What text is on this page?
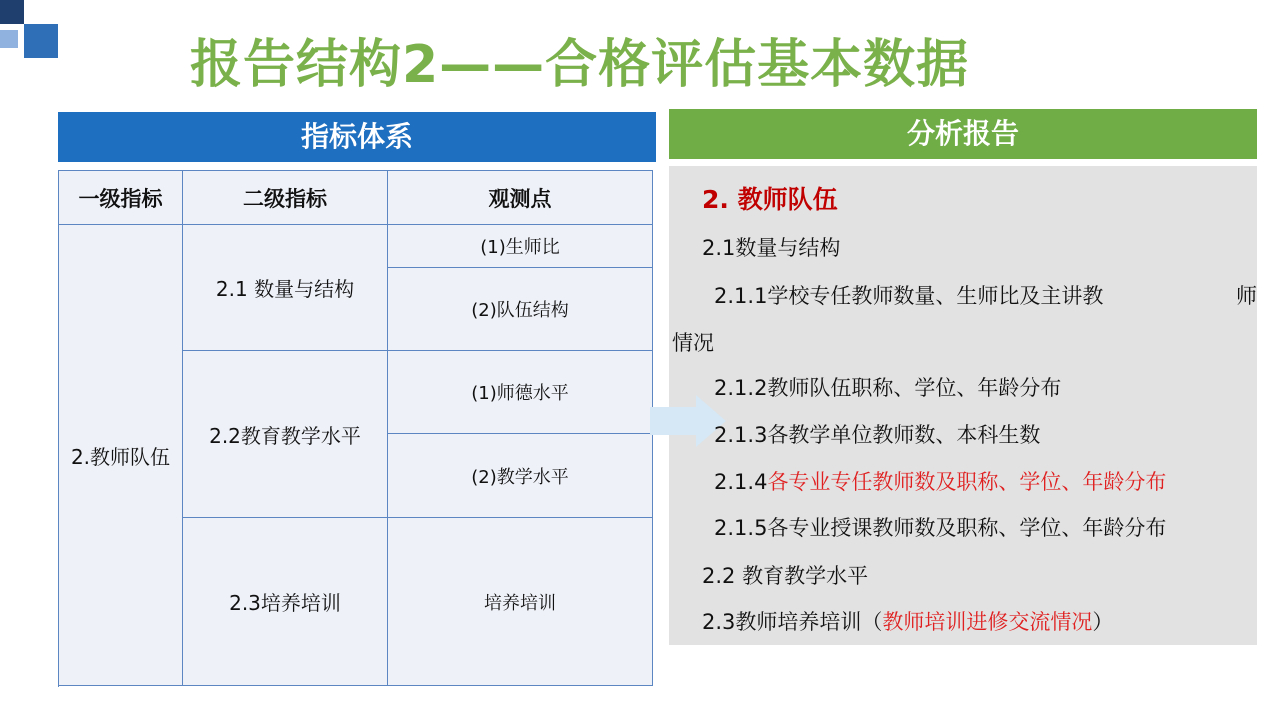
报告结构2——合格评估基本数据
指标体系	分析报告
一级指标	二级指标	观测点
2.教师队伍	2.1 数量与结构	(1)生师比
		(2)队伍结构
	2.2教育教学水平	(1)师德水平
		(2)教学水平
	2.3培养培训	培养培训

2. 教师队伍
2.1数量与结构
2.1.1学校专任教师数量、生师比及主讲教	师
情况
2.1.2教师队伍职称、学位、年龄分布
2.1.3各教学单位教师数、本科生数
2.1.4各专业专任教师数及职称、学位、年龄分布
2.1.5各专业授课教师数及职称、学位、年龄分布
2.2 教育教学水平
2.3教师培养培训（教师培训进修交流情况）
